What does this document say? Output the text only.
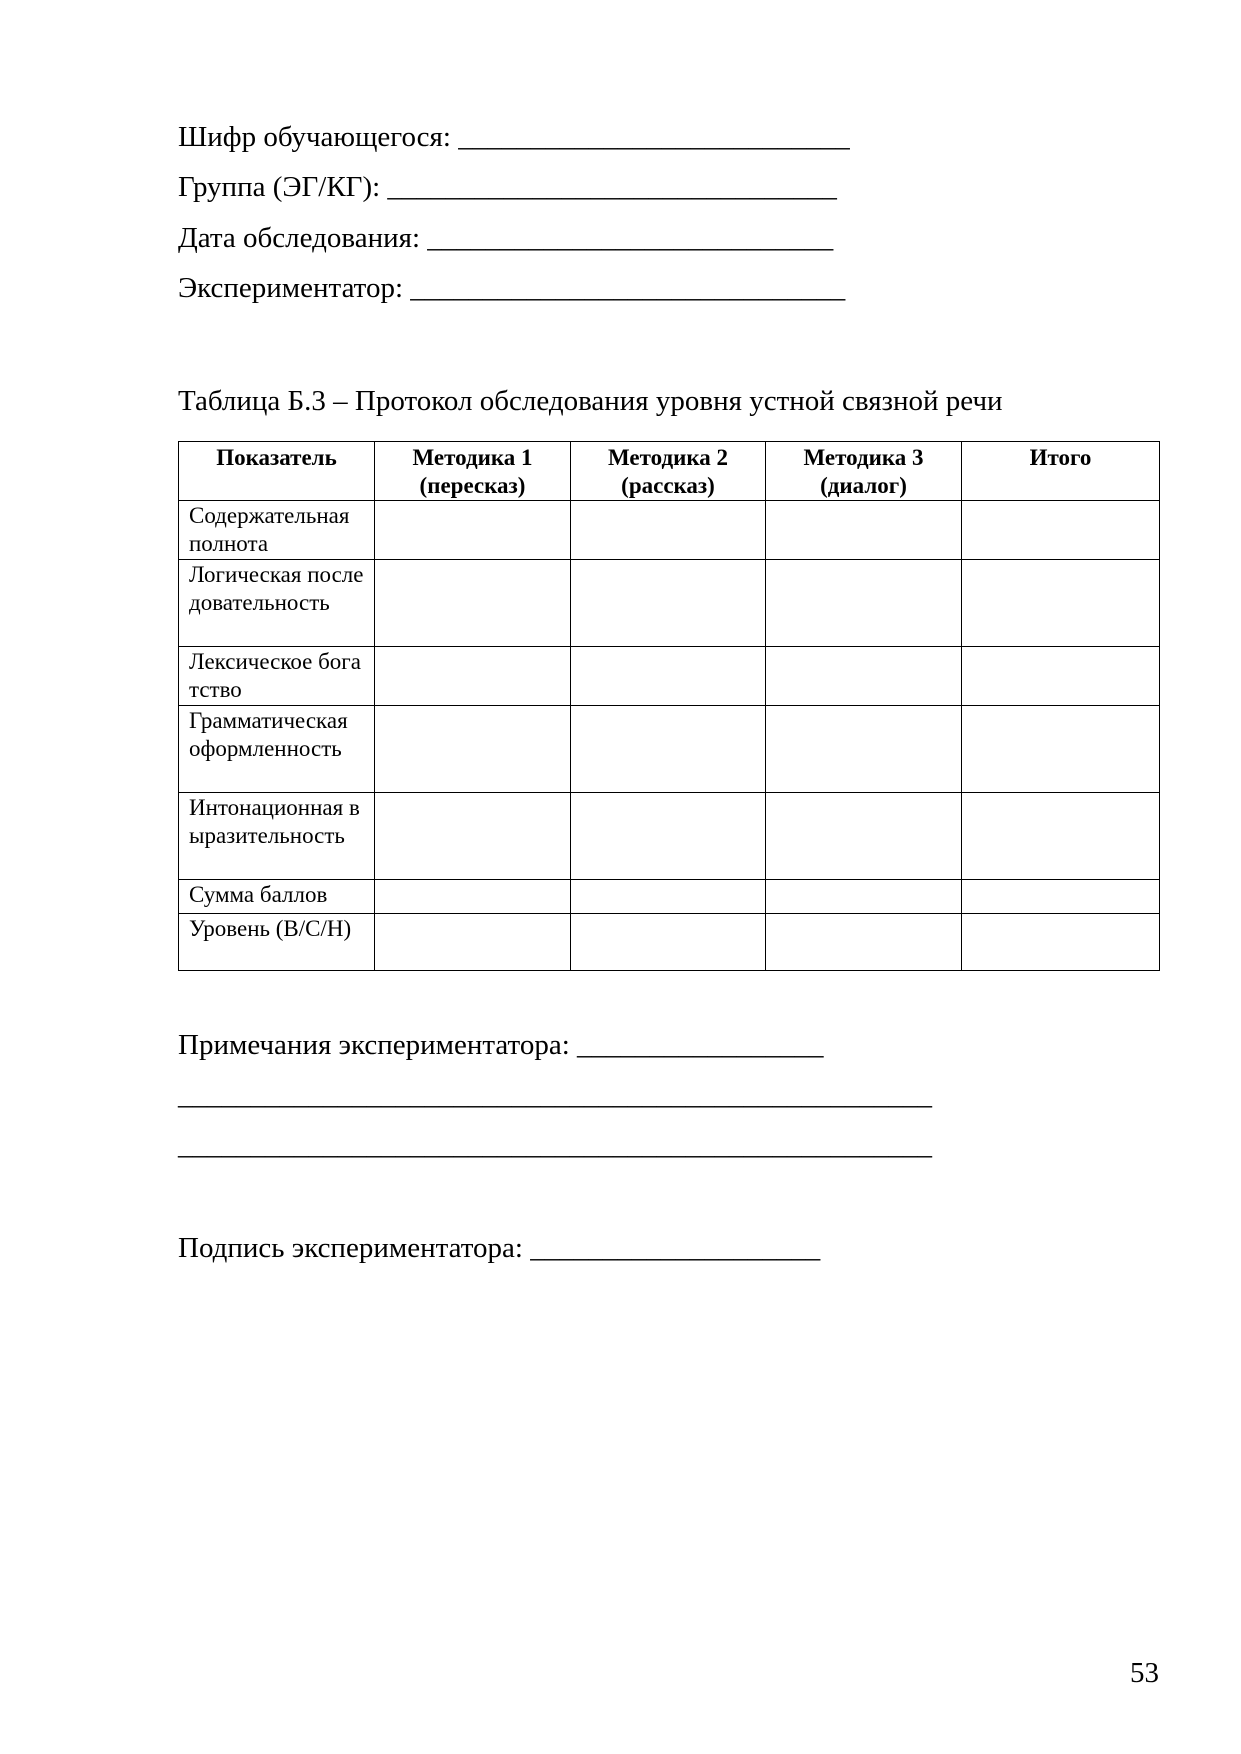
Шифр обучающегося: ___________________________
Группа (ЭГ/КГ): _______________________________
Дата обследования: ____________________________
Экспериментатор: ______________________________
Таблица Б.3 – Протокол обследования уровня устной связной речи
Показатель	Методика 1 (пересказ)	Методика 2 (рассказ)	Методика 3 (диалог)	Итого
Содержательная полнота				
Логическая последовательность				
Лексическое богатство				
Грамматическая оформленность				
Интонационная выразительность				
Сумма баллов				
Уровень (В/С/Н)				
Примечания экспериментатора: _________________
____________________________________________________
____________________________________________________
Подпись экспериментатора: ____________________
53
